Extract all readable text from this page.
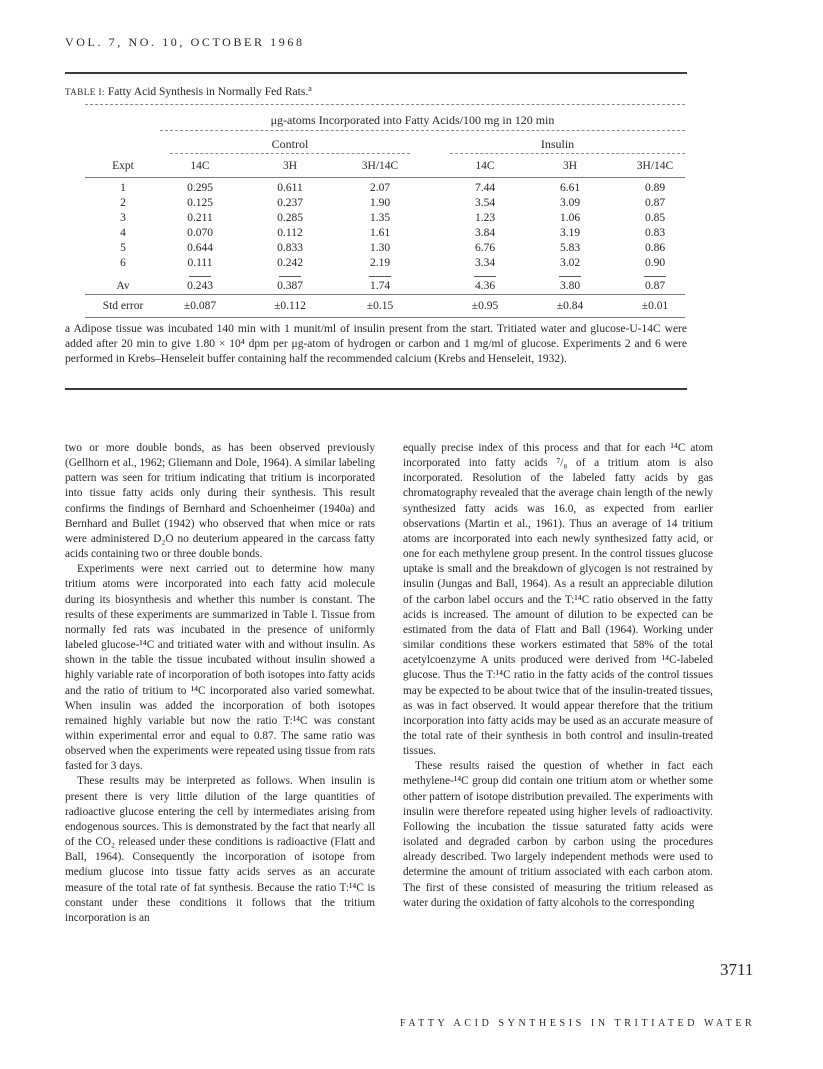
VOL. 7, NO. 10, OCTOBER 1968
TABLE I: Fatty Acid Synthesis in Normally Fed Rats.$^a$
μg-atoms Incorporated into Fatty Acids/100 mg in 120 min
Control	Insulin
Expt	14C	3H	3H/14C	14C	3H	3H/14C
1	0.295	0.611	2.07	7.44	6.61	0.89
2	0.125	0.237	1.90	3.54	3.09	0.87
3	0.211	0.285	1.35	1.23	1.06	0.85
4	0.070	0.112	1.61	3.84	3.19	0.83
5	0.644	0.833	1.30	6.76	5.83	0.86
6	0.111	0.242	2.19	3.34	3.02	0.90
Av	0.243	0.387	1.74	4.36	3.80	0.87
Std error	±0.087	±0.112	±0.15	±0.95	±0.84	±0.01
a Adipose tissue was incubated 140 min with 1 munit/ml of insulin present from the start. Tritiated water and glucose-U-14C were added after 20 min to give 1.80 × 10⁴ dpm per μg-atom of hydrogen or carbon and 1 mg/ml of glucose. Experiments 2 and 6 were performed in Krebs–Henseleit buffer containing half the recommended calcium (Krebs and Henseleit, 1932).

two or more double bonds, as has been observed previously (Gellhorn et al., 1962; Gliemann and Dole, 1964). A similar labeling pattern was seen for tritium indicating that tritium is incorporated into tissue fatty acids only during their synthesis. This result confirms the findings of Bernhard and Schoenheimer (1940a) and Bernhard and Bullet (1942) who observed that when mice or rats were administered D₂O no deuterium appeared in the carcass fatty acids containing two or three double bonds.

Experiments were next carried out to determine how many tritium atoms were incorporated into each fatty acid molecule during its biosynthesis and whether this number is constant. The results of these experiments are summarized in Table I. Tissue from normally fed rats was incubated in the presence of uniformly labeled glucose-¹⁴C and tritiated water with and without insulin. As shown in the table the tissue incubated without insulin showed a highly variable rate of incorporation of both isotopes into fatty acids and the ratio of tritium to ¹⁴C incorporated also varied somewhat. When insulin was added the incorporation of both isotopes remained highly variable but now the ratio T:¹⁴C was constant within experimental error and equal to 0.87. The same ratio was observed when the experiments were repeated using tissue from rats fasted for 3 days.

These results may be interpreted as follows. When insulin is present there is very little dilution of the large quantities of radioactive glucose entering the cell by intermediates arising from endogenous sources. This is demonstrated by the fact that nearly all of the CO₂ released under these conditions is radioactive (Flatt and Ball, 1964). Consequently the incorporation of isotope from medium glucose into tissue fatty acids serves as an accurate measure of the total rate of fat synthesis. Because the ratio T:¹⁴C is constant under these conditions it follows that the tritium incorporation is an

equally precise index of this process and that for each ¹⁴C atom incorporated into fatty acids ⁷/₈ of a tritium atom is also incorporated. Resolution of the labeled fatty acids by gas chromatography revealed that the average chain length of the newly synthesized fatty acids was 16.0, as expected from earlier observations (Martin et al., 1961). Thus an average of 14 tritium atoms are incorporated into each newly synthesized fatty acid, or one for each methylene group present. In the control tissues glucose uptake is small and the breakdown of glycogen is not restrained by insulin (Jungas and Ball, 1964). As a result an appreciable dilution of the carbon label occurs and the T:¹⁴C ratio observed in the fatty acids is increased. The amount of dilution to be expected can be estimated from the data of Flatt and Ball (1964). Working under similar conditions these workers estimated that 58% of the total acetylcoenzyme A units produced were derived from ¹⁴C-labeled glucose. Thus the T:¹⁴C ratio in the fatty acids of the control tissues may be expected to be about twice that of the insulin-treated tissues, as was in fact observed. It would appear therefore that the tritium incorporation into fatty acids may be used as an accurate measure of the total rate of their synthesis in both control and insulin-treated tissues.

These results raised the question of whether in fact each methylene-¹⁴C group did contain one tritium atom or whether some other pattern of isotope distribution prevailed. The experiments with insulin were therefore repeated using higher levels of radioactivity. Following the incubation the tissue saturated fatty acids were isolated and degraded carbon by carbon using the procedures already described. Two largely independent methods were used to determine the amount of tritium associated with each carbon atom. The first of these consisted of measuring the tritium released as water during the oxidation of fatty alcohols to the corresponding

3711
FATTY ACID SYNTHESIS IN TRITIATED WATER
